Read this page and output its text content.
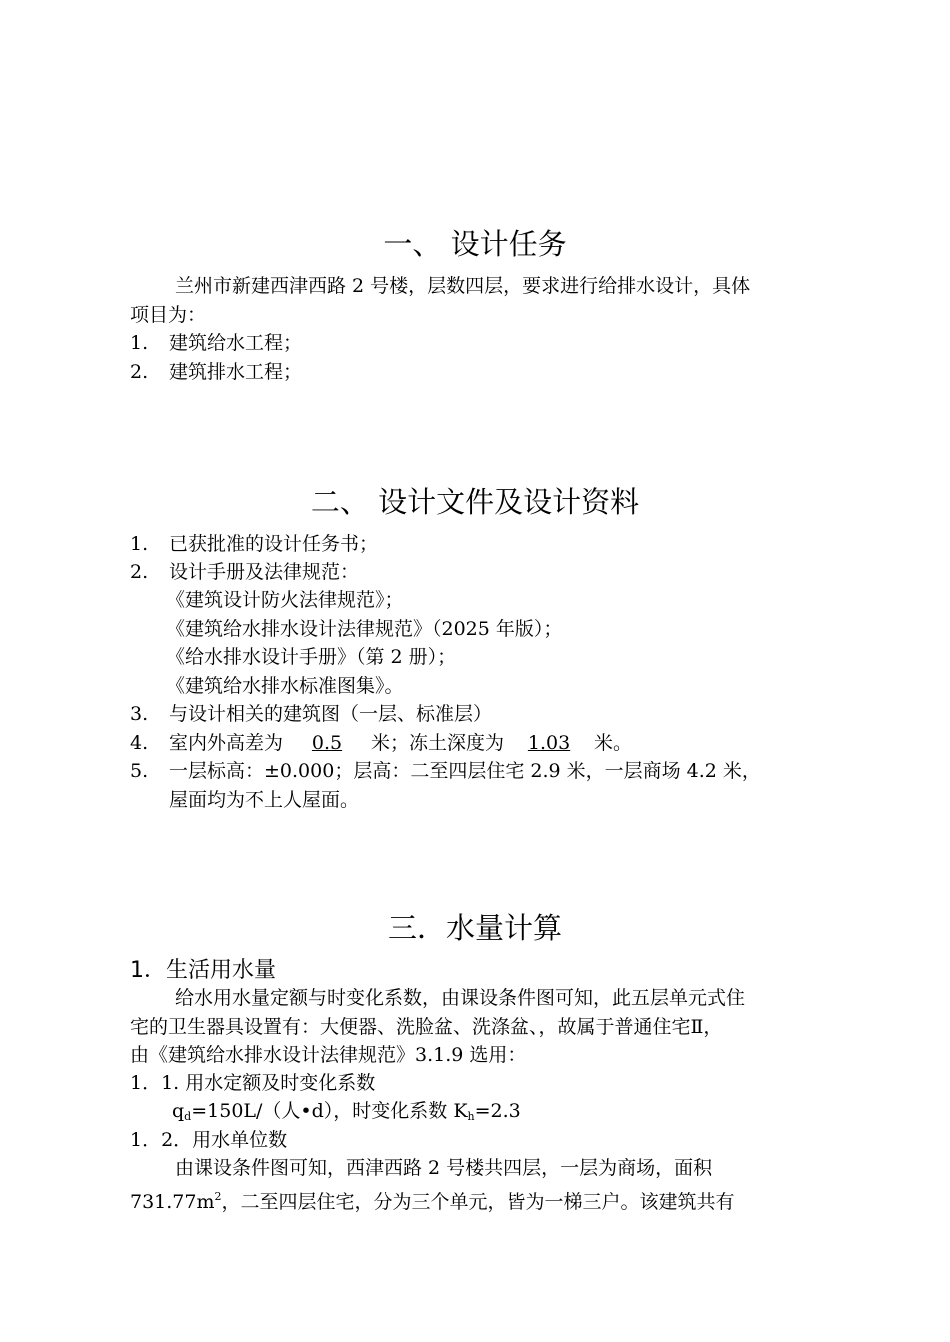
一、 设计任务
兰州市新建西津西路 2 号楼，层数四层，要求进行给排水设计，具体
项目为：
1. 建筑给水工程；
2. 建筑排水工程；
二、 设计文件及设计资料
1. 已获批准的设计任务书；
2. 设计手册及法律规范：
《建筑设计防火法律规范》；
《建筑给水排水设计法律规范》（2025 年版）；
《给水排水设计手册》（第 2 册）；
《建筑给水排水标准图集》。
3. 与设计相关的建筑图（一层、标准层）
4. 室内外高差为 0.5 米；冻土深度为 1.03 米。
5. 一层标高：±0.000；层高：二至四层住宅 2.9 米，一层商场 4.2 米，
屋面均为不上人屋面。
三．水量计算
1．生活用水量
给水用水量定额与时变化系数，由课设条件图可知，此五层单元式住
宅的卫生器具设置有：大便器、洗脸盆、洗涤盆、，故属于普通住宅Ⅱ，
由《建筑给水排水设计法律规范》3.1.9 选用：
1．1. 用水定额及时变化系数
$q_d=150L/$（人•d），时变化系数 $K_h=2.3$
1．2．用水单位数
由课设条件图可知，西津西路 2 号楼共四层，一层为商场，面积
$731.77m^2$，二至四层住宅，分为三个单元，皆为一梯三户。该建筑共有
